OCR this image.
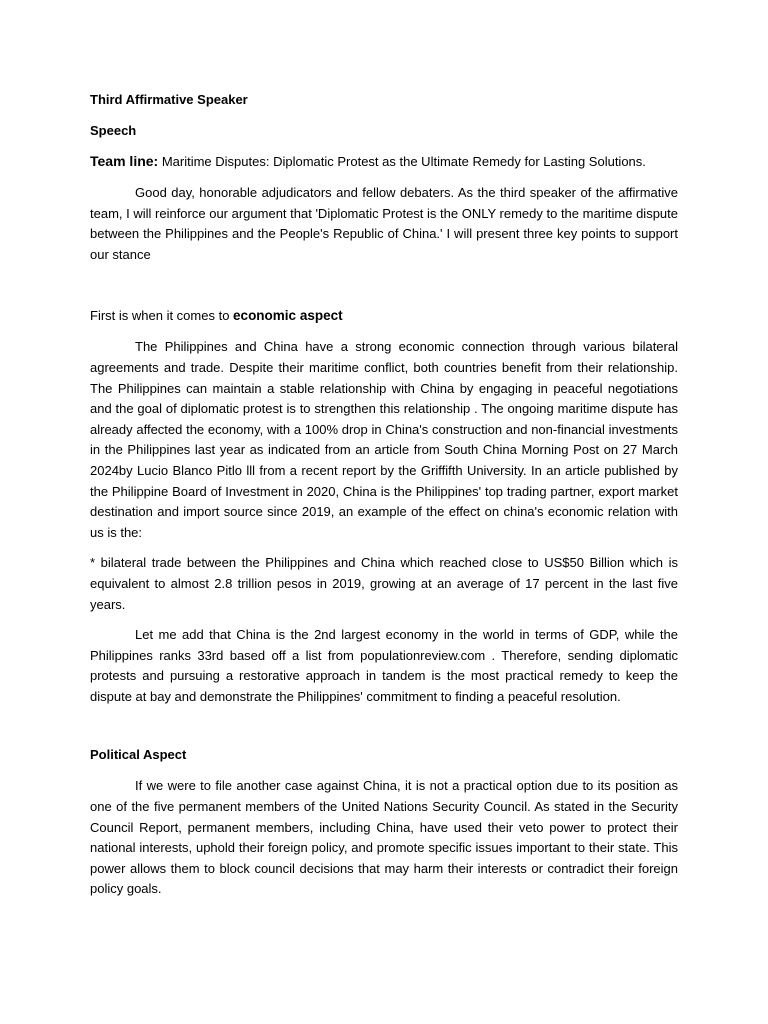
Third Affirmative Speaker

Speech

Team line: Maritime Disputes: Diplomatic Protest as the Ultimate Remedy for Lasting Solutions.

Good day, honorable adjudicators and fellow debaters. As the third speaker of the affirmative team, I will reinforce our argument that 'Diplomatic Protest is the ONLY remedy to the maritime dispute between the Philippines and the People's Republic of China.' I will present three key points to support our stance

First is when it comes to economic aspect

The Philippines and China have a strong economic connection through various bilateral agreements and trade. Despite their maritime conflict, both countries benefit from their relationship. The Philippines can maintain a stable relationship with China by engaging in peaceful negotiations and the goal of diplomatic protest is to strengthen this relationship . The ongoing maritime dispute has already affected the economy, with a 100% drop in China's construction and non-financial investments in the Philippines last year as indicated from an article from South China Morning Post on 27 March 2024by Lucio Blanco Pitlo lll from a recent report by the Griffifth University. In an article published by the Philippine Board of Investment in 2020, China is the Philippines' top trading partner, export market destination and import source since 2019, an example of the effect on china's economic relation with us is the:

* bilateral trade between the Philippines and China which reached close to US$50 Billion which is equivalent to almost 2.8 trillion pesos in 2019, growing at an average of 17 percent in the last five years.

Let me add that China is the 2nd largest economy in the world in terms of GDP, while the Philippines ranks 33rd based off a list from populationreview.com . Therefore, sending diplomatic protests and pursuing a restorative approach in tandem is the most practical remedy to keep the dispute at bay and demonstrate the Philippines' commitment to finding a peaceful resolution.

Political Aspect

If we were to file another case against China, it is not a practical option due to its position as one of the five permanent members of the United Nations Security Council. As stated in the Security Council Report, permanent members, including China, have used their veto power to protect their national interests, uphold their foreign policy, and promote specific issues important to their state. This power allows them to block council decisions that may harm their interests or contradict their foreign policy goals.
